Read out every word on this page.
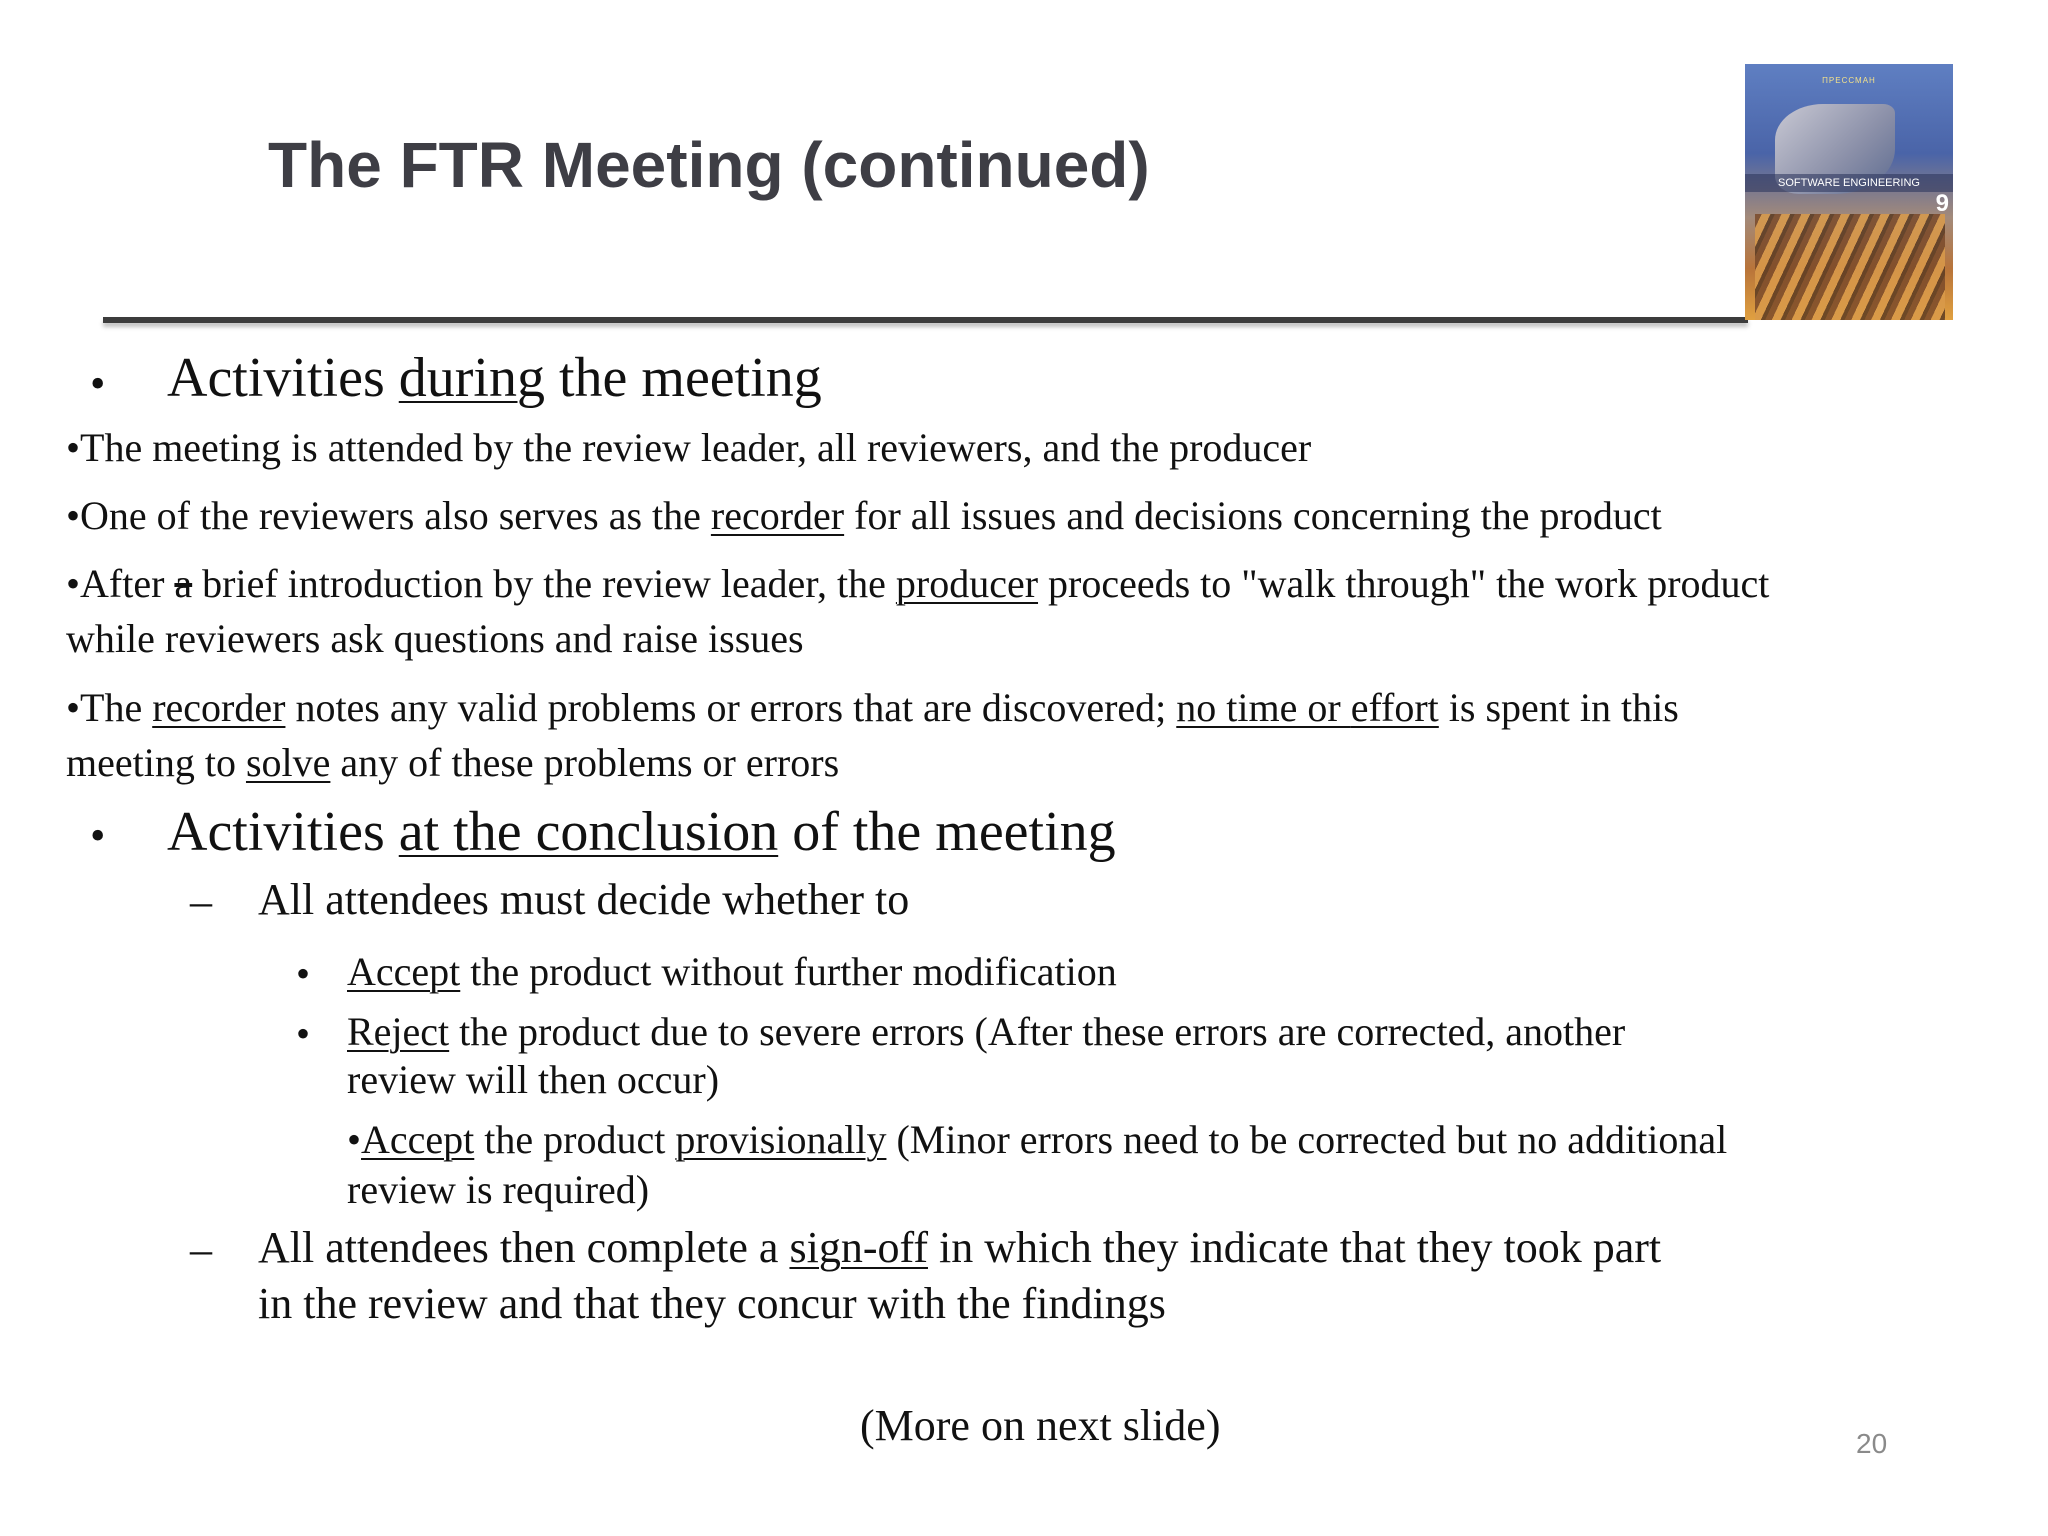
The FTR Meeting (continued)
ПРЕССМАН
SOFTWARE ENGINEERING
9
• Activities during the meeting
•The meeting is attended by the review leader, all reviewers, and the producer
•One of the reviewers also serves as the recorder for all issues and decisions concerning the product
•After a brief introduction by the review leader, the producer proceeds to "walk through" the work product
while reviewers ask questions and raise issues
•The recorder notes any valid problems or errors that are discovered; no time or effort is spent in this
meeting to solve any of these problems or errors
• Activities at the conclusion of the meeting
– All attendees must decide whether to
• Accept the product without further modification
• Reject the product due to severe errors (After these errors are corrected, another
review will then occur)
•Accept the product provisionally (Minor errors need to be corrected but no additional
review is required)
– All attendees then complete a sign-off in which they indicate that they took part
in the review and that they concur with the findings
(More on next slide)	20
